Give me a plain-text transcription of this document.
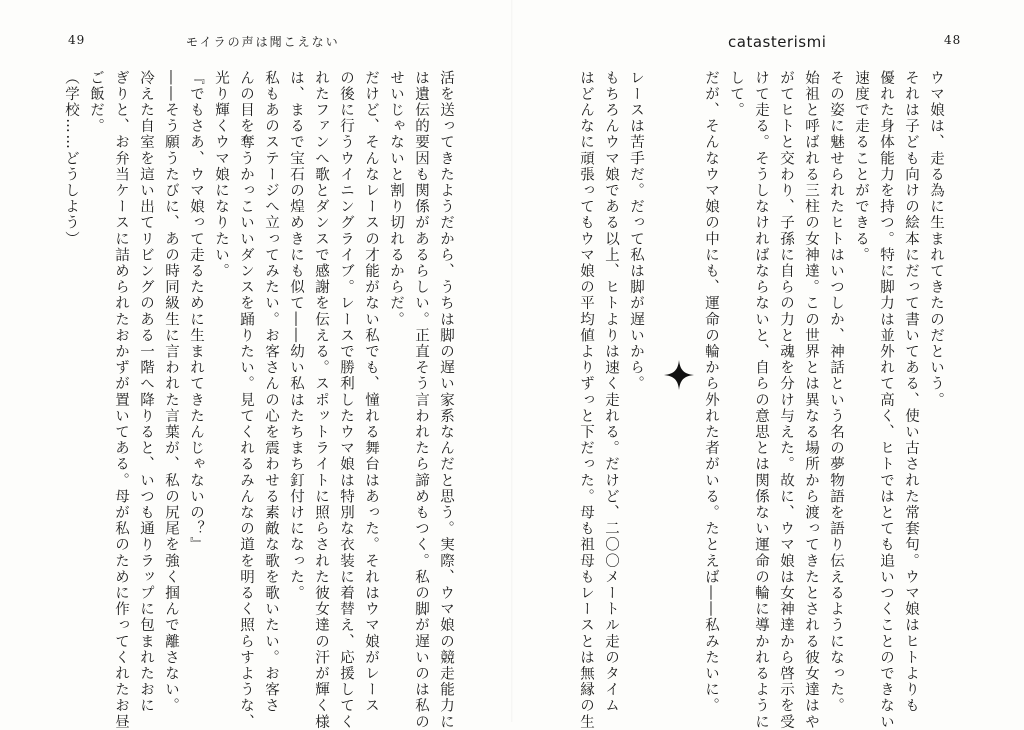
49	モイラの声は聞こえない	catasterismi	48
ウマ娘は、走る為に生まれてきたのだという。
それは子ども向けの絵本にだって書いてある、使い古された常套句。ウマ娘はヒトよりも
優れた身体能力を持つ。特に脚力は並外れて高く、ヒトではとても追いつくことのできない
速度で走ることができる。
その姿に魅せられたヒトはいつしか、神話という名の夢物語を語り伝えるようになった。
始祖と呼ばれる三柱の女神達。この世界とは異なる場所から渡ってきたとされる彼女達はや
がてヒトと交わり、子孫に自らの力と魂を分け与えた。故に、ウマ娘は女神達から啓示を受
けて走る。そうしなければならないと、自らの意思とは関係ない運命の輪に導かれるように
して。
だが、そんなウマ娘の中にも、運命の輪から外れた者がいる。たとえば――私みたいに。
レースは苦手だ。だって私は脚が遅いから。
もちろんウマ娘である以上、ヒトよりは速く走れる。だけど、二〇〇メートル走のタイム
はどんなに頑張ってもウマ娘の平均値よりずっと下だった。母も祖母もレースとは無縁の生
活を送ってきたようだから、うちは脚の遅い家系なんだと思う。実際、ウマ娘の競走能力に
は遺伝的要因も関係があるらしい。正直そう言われたら諦めもつく。私の脚が遅いのは私の
せいじゃないと割り切れるからだ。
だけど、そんなレースの才能がない私でも、憧れる舞台はあった。それはウマ娘がレース
の後に行うウイニングライブ。レースで勝利したウマ娘は特別な衣装に着替え、応援してく
れたファンへ歌とダンスで感謝を伝える。スポットライトに照らされた彼女達の汗が輝く様
は、まるで宝石の煌めきにも似て――幼い私はたちまち釘付けになった。
私もあのステージへ立ってみたい。お客さんの心を震わせる素敵な歌を歌いたい。お客さ
んの目を奪うかっこいいダンスを踊りたい。見てくれるみんなの道を明るく照らすような、
光り輝くウマ娘になりたい。
『でもさあ、ウマ娘って走るために生まれてきたんじゃないの？』
――そう願うたびに、あの時同級生に言われた言葉が、私の尻尾を強く掴んで離さない。
冷えた自室を這い出てリビングのある一階へ降りると、いつも通りラップに包まれたおに
ぎりと、お弁当ケースに詰められたおかずが置いてある。母が私のために作ってくれたお昼
ご飯だ。
（学校……どうしよう）
